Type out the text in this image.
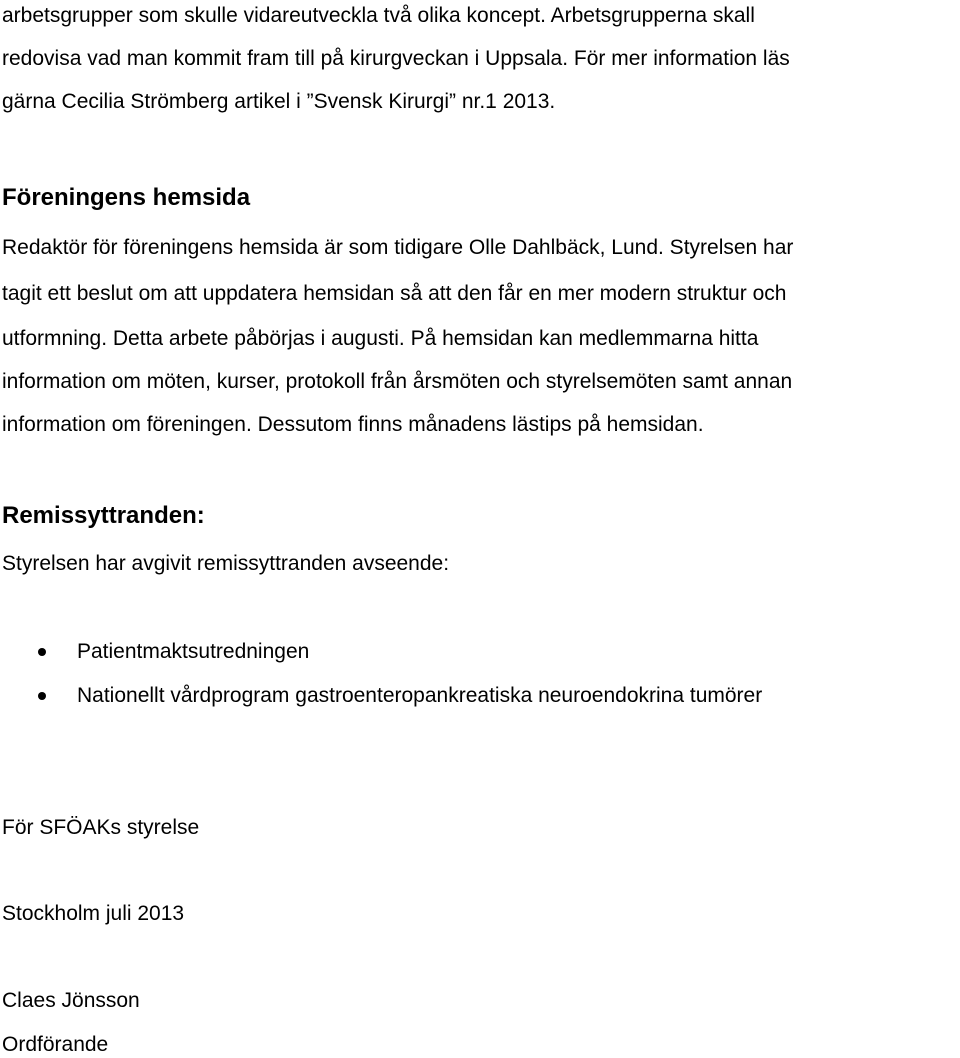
arbetsgrupper som skulle vidareutveckla två olika koncept. Arbetsgrupperna skall
redovisa vad man kommit fram till på kirurgveckan i Uppsala. För mer information läs
gärna Cecilia Strömberg artikel i ”Svensk Kirurgi” nr.1 2013.
Föreningens hemsida
Redaktör för föreningens hemsida är som tidigare Olle Dahlbäck, Lund. Styrelsen har
tagit ett beslut om att uppdatera hemsidan så att den får en mer modern struktur och
utformning. Detta arbete påbörjas i augusti. På hemsidan kan medlemmarna hitta
information om möten, kurser, protokoll från årsmöten och styrelsemöten samt annan
information om föreningen. Dessutom finns månadens lästips på hemsidan.
Remissyttranden:
Styrelsen har avgivit remissyttranden avseende:
Patientmaktsutredningen
Nationellt vårdprogram gastroenteropankreatiska neuroendokrina tumörer
För SFÖAKs styrelse
Stockholm juli 2013
Claes Jönsson
Ordförande
